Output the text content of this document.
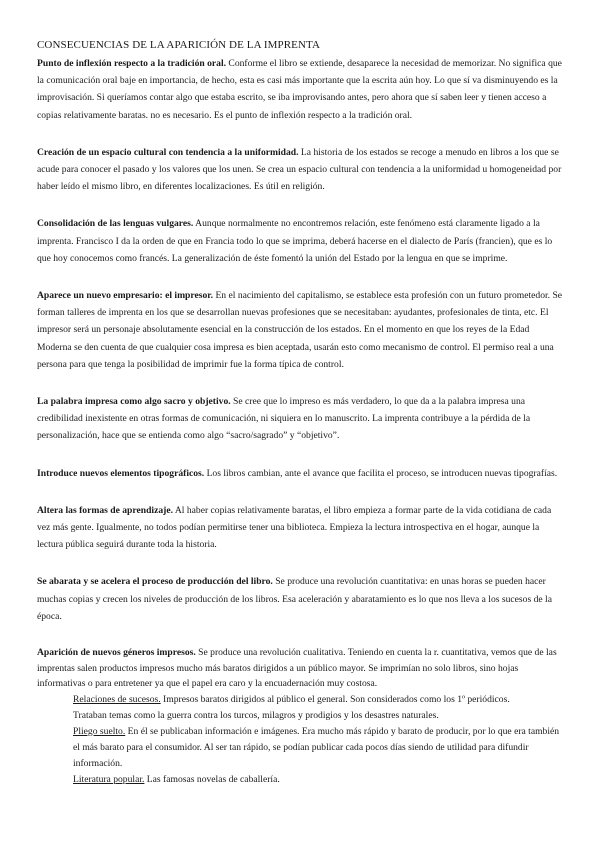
CONSECUENCIAS DE LA APARICIÓN DE LA IMPRENTA

Punto de inflexión respecto a la tradición oral. Conforme el libro se extiende, desaparece la necesidad de memorizar. No significa que la comunicación oral baje en importancia, de hecho, esta es casi más importante que la escrita aún hoy. Lo que sí va disminuyendo es la improvisación. Si queríamos contar algo que estaba escrito, se iba improvisando antes, pero ahora que sí saben leer y tienen acceso a copias relativamente baratas. no es necesario. Es el punto de inflexión respecto a la tradición oral.

Creación de un espacio cultural con tendencia a la uniformidad. La historia de los estados se recoge a menudo en libros a los que se acude para conocer el pasado y los valores que los unen. Se crea un espacio cultural con tendencia a la uniformidad u homogeneidad por haber leído el mismo libro, en diferentes localizaciones. Es útil en religión.

Consolidación de las lenguas vulgares. Aunque normalmente no encontremos relación, este fenómeno está claramente ligado a la imprenta. Francisco I da la orden de que en Francia todo lo que se imprima, deberá hacerse en el dialecto de París (francien), que es lo que hoy conocemos como francés. La generalización de éste fomentó la unión del Estado por la lengua en que se imprime.

Aparece un nuevo empresario: el impresor. En el nacimiento del capitalismo, se establece esta profesión con un futuro prometedor. Se forman talleres de imprenta en los que se desarrollan nuevas profesiones que se necesitaban: ayudantes, profesionales de tinta, etc. El impresor será un personaje absolutamente esencial en la construcción de los estados. En el momento en que los reyes de la Edad Moderna se den cuenta de que cualquier cosa impresa es bien aceptada, usarán esto como mecanismo de control. El permiso real a una persona para que tenga la posibilidad de imprimir fue la forma típica de control.

La palabra impresa como algo sacro y objetivo. Se cree que lo impreso es más verdadero, lo que da a la palabra impresa una credibilidad inexistente en otras formas de comunicación, ni siquiera en lo manuscrito. La imprenta contribuye a la pérdida de la personalización, hace que se entienda como algo “sacro/sagrado” y “objetivo”.

Introduce nuevos elementos tipográficos. Los libros cambian, ante el avance que facilita el proceso, se introducen nuevas tipografías.

Altera las formas de aprendizaje. Al haber copias relativamente baratas, el libro empieza a formar parte de la vida cotidiana de cada vez más gente. Igualmente, no todos podían permitirse tener una biblioteca. Empieza la lectura introspectiva en el hogar, aunque la lectura pública seguirá durante toda la historia.

Se abarata y se acelera el proceso de producción del libro. Se produce una revolución cuantitativa: en unas horas se pueden hacer muchas copias y crecen los niveles de producción de los libros. Esa aceleración y abaratamiento es lo que nos lleva a los sucesos de la época.

Aparición de nuevos géneros impresos. Se produce una revolución cualitativa. Teniendo en cuenta la r. cuantitativa, vemos que de las imprentas salen productos impresos mucho más baratos dirigidos a un público mayor. Se imprimían no solo libros, sino hojas informativas o para entretener ya que el papel era caro y la encuadernación muy costosa.

Relaciones de sucesos. Impresos baratos dirigidos al público el general. Son considerados como los 1º periódicos.
Trataban temas como la guerra contra los turcos, milagros y prodigios y los desastres naturales.

Pliego suelto. En él se publicaban información e imágenes. Era mucho más rápido y barato de producir, por lo que era también el más barato para el consumidor. Al ser tan rápido, se podían publicar cada pocos días siendo de utilidad para difundir información.

Literatura popular. Las famosas novelas de caballería.
